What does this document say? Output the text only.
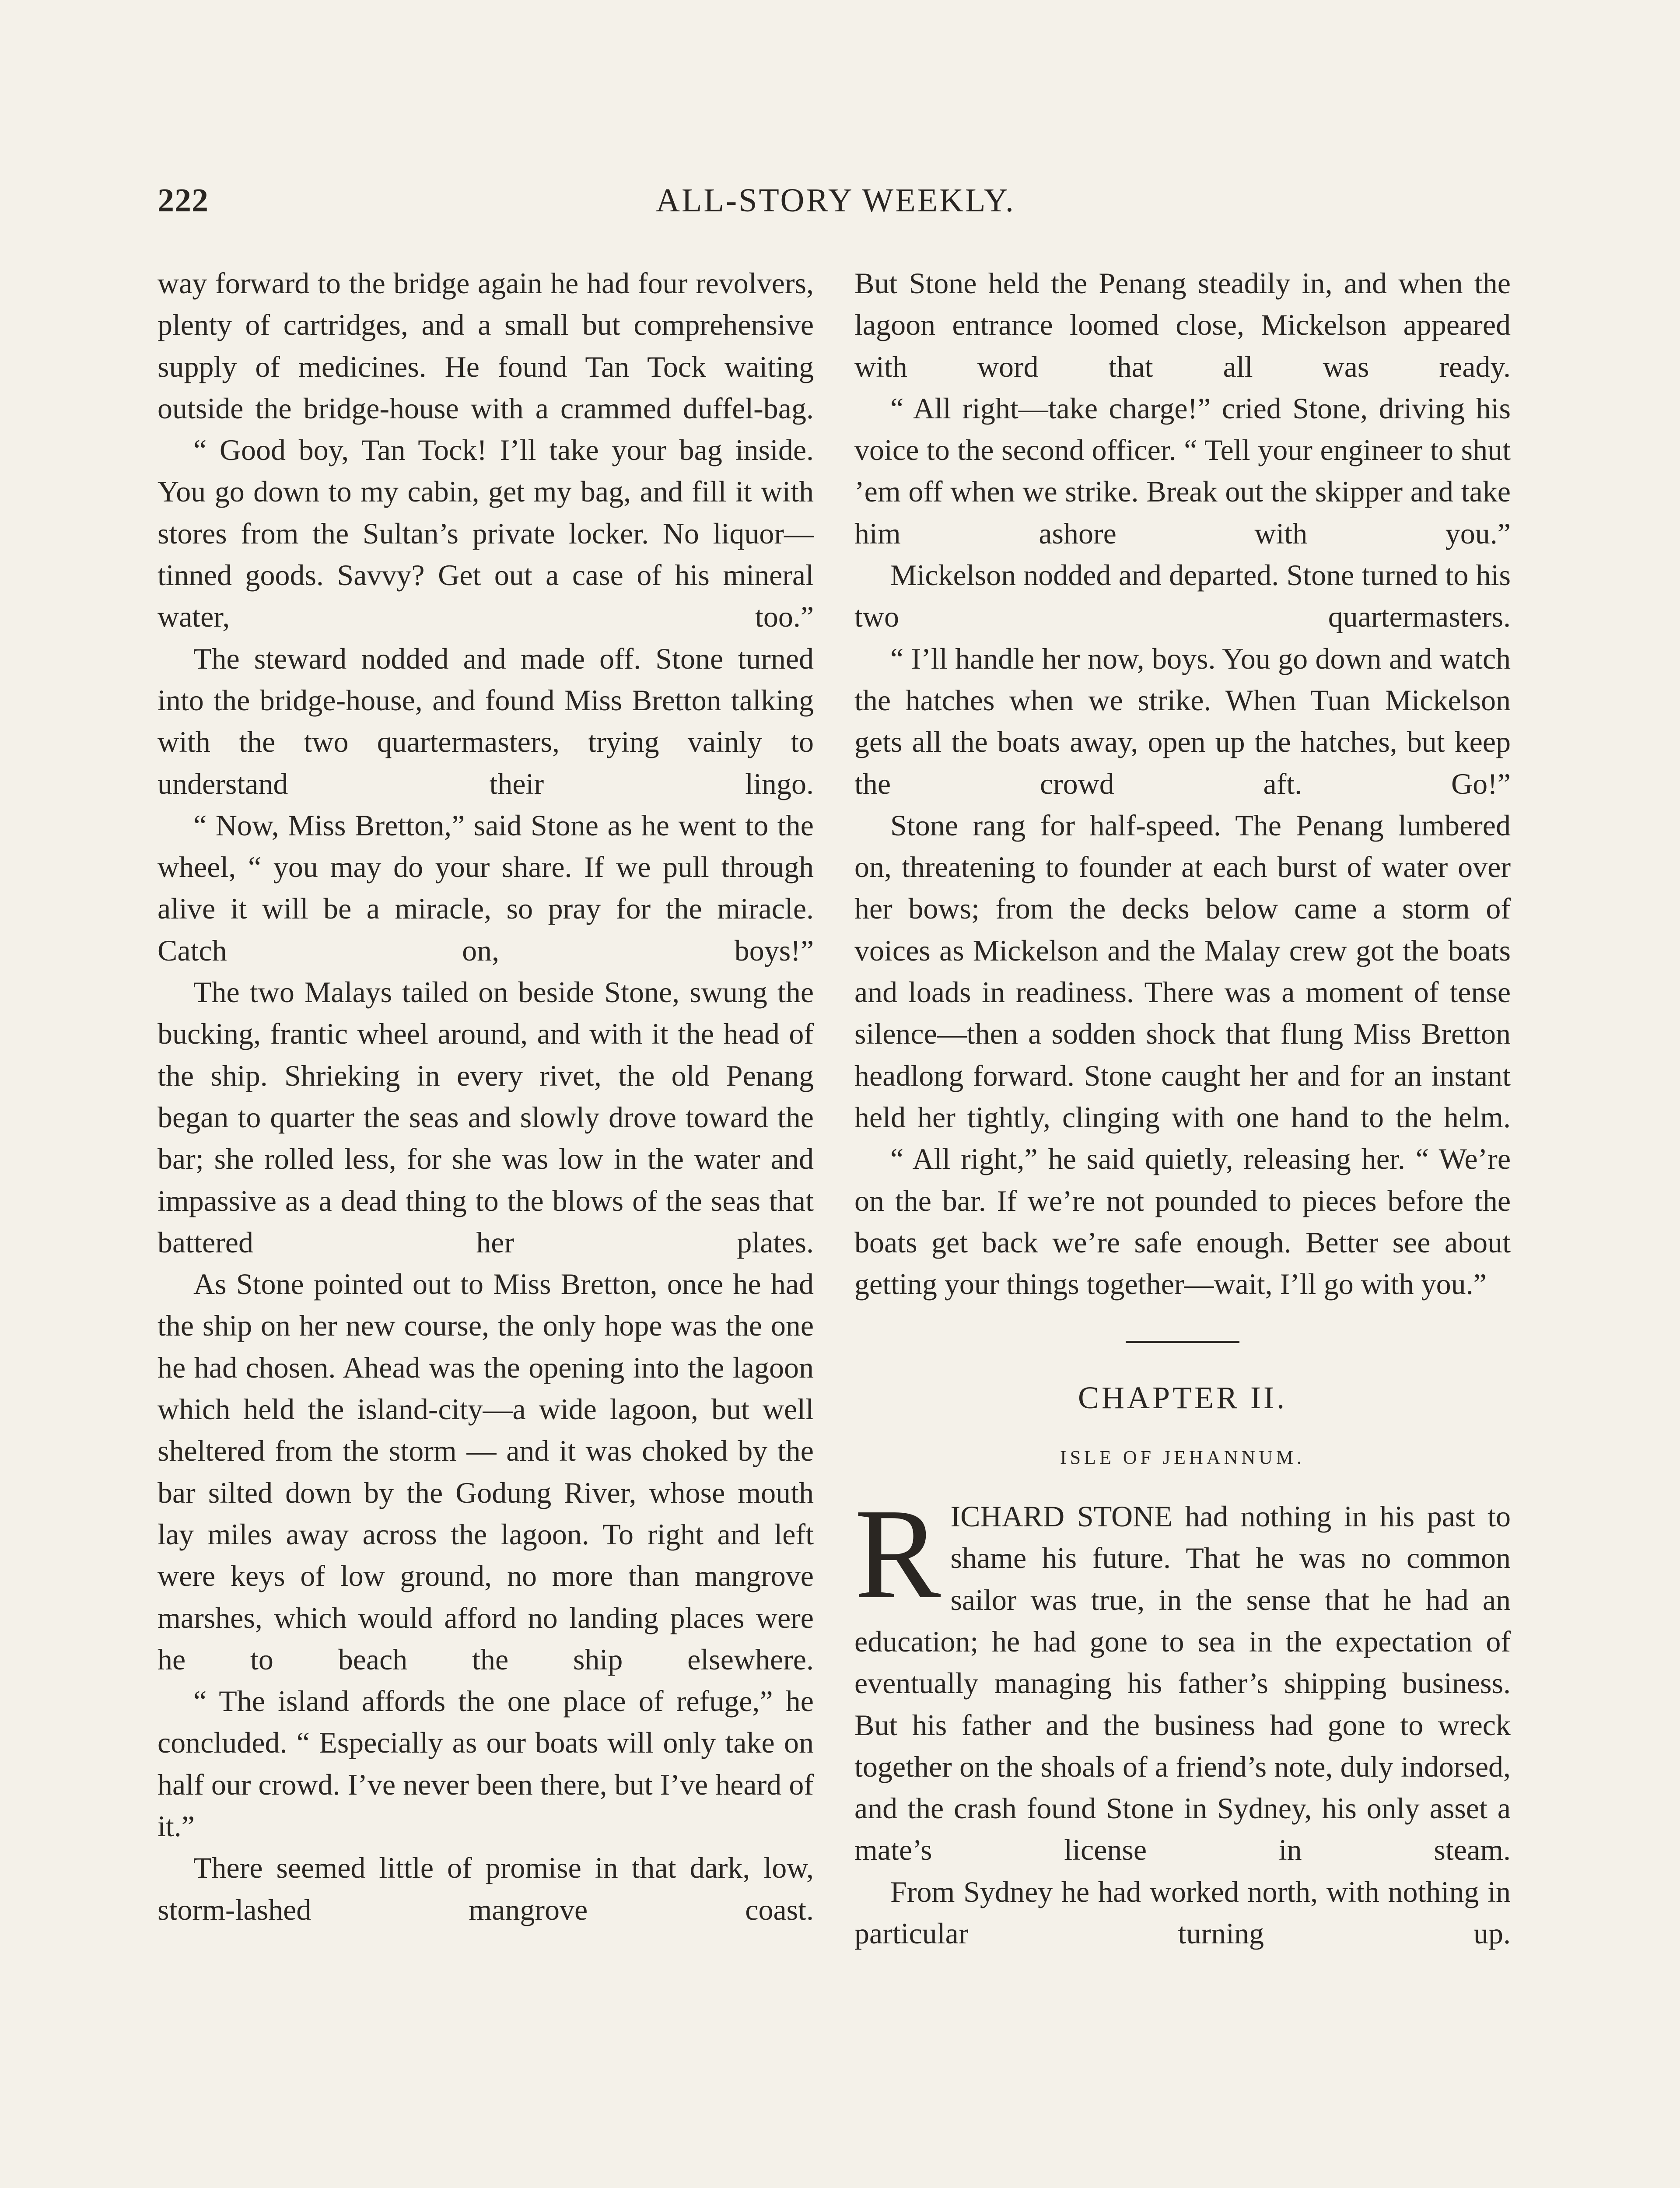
222	ALL-STORY WEEKLY.

way forward to the bridge again he had four revolvers, plenty of cartridges, and a small but comprehensive supply of medicines. He found Tan Tock waiting outside the bridge-house with a crammed duffel-bag.

“ Good boy, Tan Tock! I’ll take your bag inside. You go down to my cabin, get my bag, and fill it with stores from the Sultan’s private locker. No liquor—tinned goods. Savvy? Get out a case of his mineral water, too.”

The steward nodded and made off. Stone turned into the bridge-house, and found Miss Bretton talking with the two quartermasters, trying vainly to understand their lingo.

“ Now, Miss Bretton,” said Stone as he went to the wheel, “ you may do your share. If we pull through alive it will be a miracle, so pray for the miracle. Catch on, boys!”

The two Malays tailed on beside Stone, swung the bucking, frantic wheel around, and with it the head of the ship. Shrieking in every rivet, the old Penang began to quarter the seas and slowly drove toward the bar; she rolled less, for she was low in the water and impassive as a dead thing to the blows of the seas that battered her plates.

As Stone pointed out to Miss Bretton, once he had the ship on her new course, the only hope was the one he had chosen. Ahead was the opening into the lagoon which held the island-city—a wide lagoon, but well sheltered from the storm — and it was choked by the bar silted down by the Godung River, whose mouth lay miles away across the lagoon. To right and left were keys of low ground, no more than mangrove marshes, which would afford no landing places were he to beach the ship elsewhere.

“ The island affords the one place of refuge,” he concluded. “ Especially as our boats will only take on half our crowd. I’ve never been there, but I’ve heard of it.”

There seemed little of promise in that dark, low, storm-lashed mangrove coast.

But Stone held the Penang steadily in, and when the lagoon entrance loomed close, Mickelson appeared with word that all was ready.

“ All right—take charge!” cried Stone, driving his voice to the second officer. “ Tell your engineer to shut ’em off when we strike. Break out the skipper and take him ashore with you.”

Mickelson nodded and departed. Stone turned to his two quartermasters.

“ I’ll handle her now, boys. You go down and watch the hatches when we strike. When Tuan Mickelson gets all the boats away, open up the hatches, but keep the crowd aft. Go!”

Stone rang for half-speed. The Penang lumbered on, threatening to founder at each burst of water over her bows; from the decks below came a storm of voices as Mickelson and the Malay crew got the boats and loads in readiness. There was a moment of tense silence—then a sodden shock that flung Miss Bretton headlong forward. Stone caught her and for an instant held her tightly, clinging with one hand to the helm.

“ All right,” he said quietly, releasing her. “ We’re on the bar. If we’re not pounded to pieces before the boats get back we’re safe enough. Better see about getting your things together—wait, I’ll go with you.”

CHAPTER II.
ISLE OF JEHANNUM.

RICHARD STONE had nothing in his past to shame his future. That he was no common sailor was true, in the sense that he had an education; he had gone to sea in the expectation of eventually managing his father’s shipping business. But his father and the business had gone to wreck together on the shoals of a friend’s note, duly indorsed, and the crash found Stone in Sydney, his only asset a mate’s license in steam.

From Sydney he had worked north, with nothing in particular turning up.
